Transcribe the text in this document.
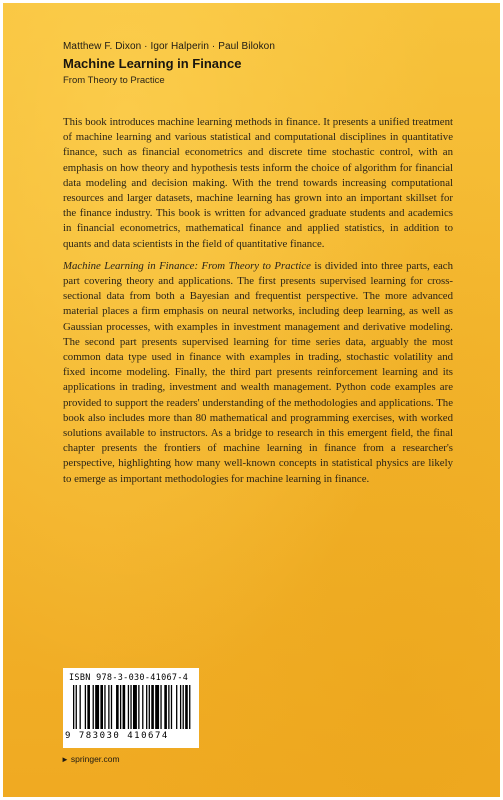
Matthew F. Dixon · Igor Halperin · Paul Bilokon
Machine Learning in Finance
From Theory to Practice

This book introduces machine learning methods in finance. It presents a unified treatment of machine learning and various statistical and computational disciplines in quantitative finance, such as financial econometrics and discrete time stochastic control, with an emphasis on how theory and hypothesis tests inform the choice of algorithm for financial data modeling and decision making. With the trend towards increasing computational resources and larger datasets, machine learning has grown into an important skillset for the finance industry. This book is written for advanced graduate students and academics in financial econometrics, mathematical finance and applied statistics, in addition to quants and data scientists in the field of quantitative finance.

Machine Learning in Finance: From Theory to Practice is divided into three parts, each part covering theory and applications. The first presents supervised learning for cross-sectional data from both a Bayesian and frequentist perspective. The more advanced material places a firm emphasis on neural networks, including deep learning, as well as Gaussian processes, with examples in investment management and derivative modeling. The second part presents supervised learning for time series data, arguably the most common data type used in finance with examples in trading, stochastic volatility and fixed income modeling. Finally, the third part presents reinforcement learning and its applications in trading, investment and wealth management. Python code examples are provided to support the readers' understanding of the methodologies and applications. The book also includes more than 80 mathematical and programming exercises, with worked solutions available to instructors. As a bridge to research in this emergent field, the final chapter presents the frontiers of machine learning in finance from a researcher's perspective, highlighting how many well-known concepts in statistical physics are likely to emerge as important methodologies for machine learning in finance.

ISBN 978-3-030-41067-4
9 783030 410674
► springer.com
